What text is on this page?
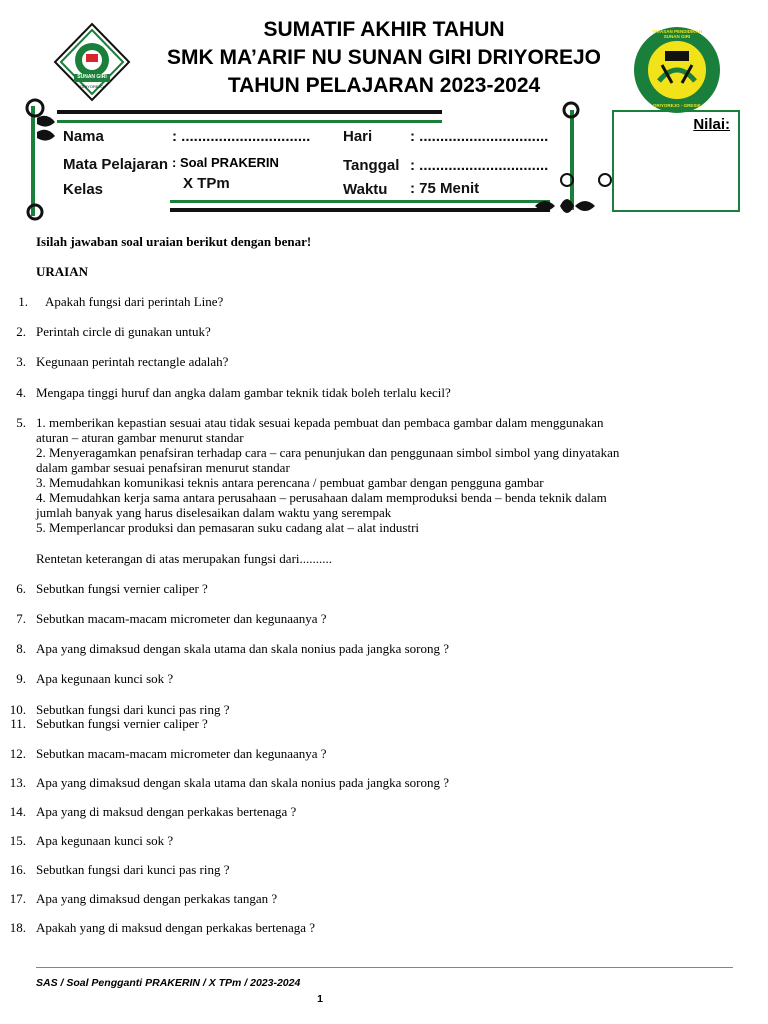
SUMATIF AKHIR TAHUN
SMK MA’ARIF NU SUNAN GIRI DRIYOREJO
TAHUN PELAJARAN 2023-2024
SUNAN GIRI
DRIYOREJO
YAYASAN PENDIDIKAN SUNAN GIRI
DRIYOREJO - GRESIK
Nama	: ...............................
Mata Pelajaran : Soal PRAKERIN
Kelas	X TPm
Hari	: ...............................
Tanggal : ...............................
Waktu : 75 Menit
Nilai:
Isilah jawaban soal uraian berikut dengan benar!
URAIAN
1. Apakah fungsi dari perintah Line?
2. Perintah circle di gunakan untuk?
3. Kegunaan perintah rectangle adalah?
4. Mengapa tinggi huruf dan angka dalam gambar teknik tidak boleh terlalu kecil?
5. 1. memberikan kepastian sesuai atau tidak sesuai kepada pembuat dan pembaca gambar dalam menggunakan
aturan – aturan gambar menurut standar
2. Menyeragamkan penafsiran terhadap cara – cara penunjukan dan penggunaan simbol simbol yang dinyatakan
dalam gambar sesuai penafsiran menurut standar
3. Memudahkan komunikasi teknis antara perencana / pembuat gambar dengan pengguna gambar
4. Memudahkan kerja sama antara perusahaan – perusahaan dalam memproduksi benda – benda teknik dalam
jumlah banyak yang harus diselesaikan dalam waktu yang serempak
5. Memperlancar produksi dan pemasaran suku cadang alat – alat industri
Rentetan keterangan di atas merupakan fungsi dari..........
6. Sebutkan fungsi vernier caliper ?
7. Sebutkan macam-macam micrometer dan kegunaanya ?
8. Apa yang dimaksud dengan skala utama dan skala nonius pada jangka sorong ?
9. Apa kegunaan kunci sok ?
10. Sebutkan fungsi dari kunci pas ring ?
11. Sebutkan fungsi vernier caliper ?
12. Sebutkan macam-macam micrometer dan kegunaanya ?
13. Apa yang dimaksud dengan skala utama dan skala nonius pada jangka sorong ?
14. Apa yang di maksud dengan perkakas bertenaga ?
15. Apa kegunaan kunci sok ?
16. Sebutkan fungsi dari kunci pas ring ?
17. Apa yang dimaksud dengan perkakas tangan ?
18. Apakah yang di maksud dengan perkakas bertenaga ?
SAS / Soal Pengganti PRAKERIN / X TPm / 2023-2024
1
